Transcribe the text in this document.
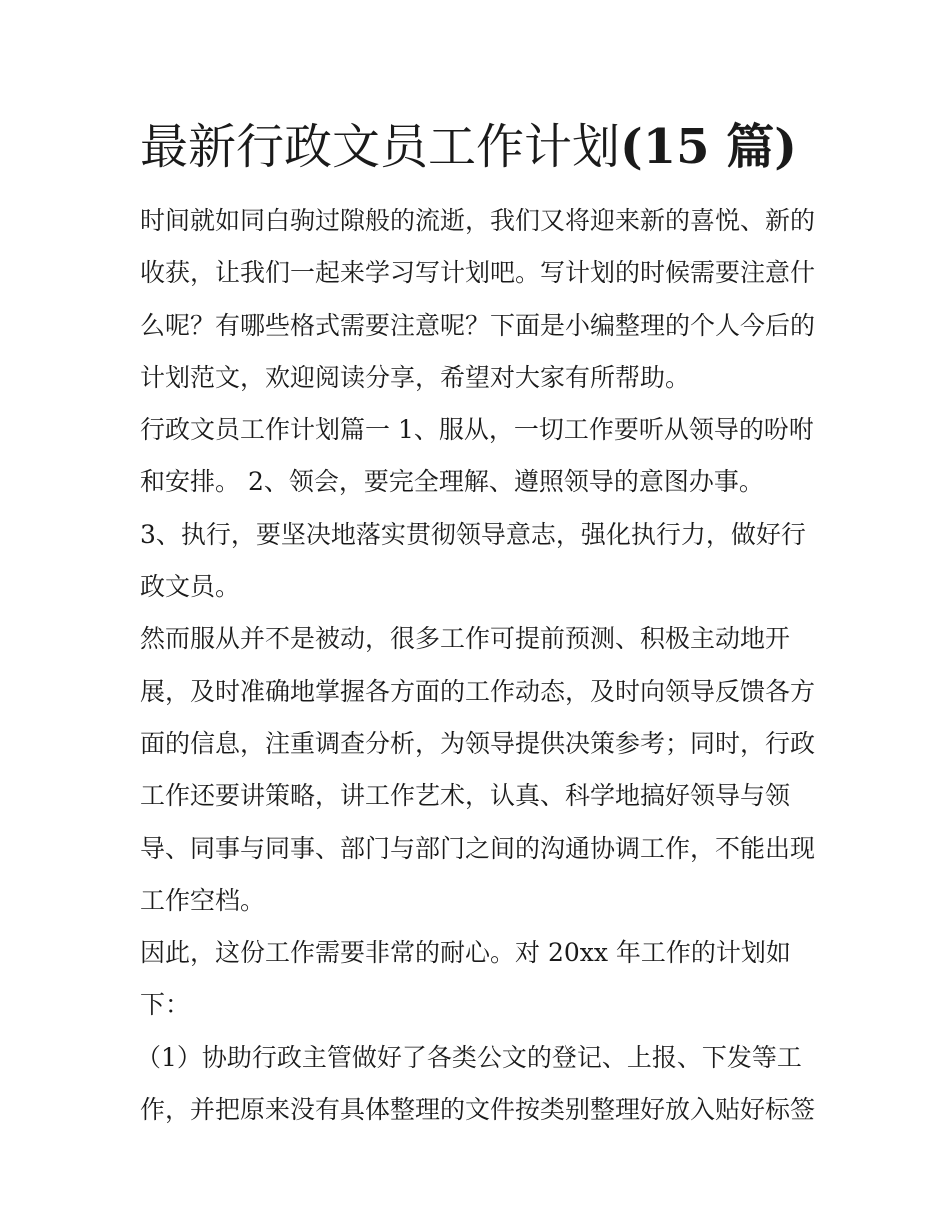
最新行政文员工作计划(15 篇)

时间就如同白驹过隙般的流逝，我们又将迎来新的喜悦、新的

收获，让我们一起来学习写计划吧。写计划的时候需要注意什

么呢？有哪些格式需要注意呢？下面是小编整理的个人今后的

计划范文，欢迎阅读分享，希望对大家有所帮助。

行政文员工作计划篇一 1、服从，一切工作要听从领导的吩咐

和安排。 2、领会，要完全理解、遵照领导的意图办事。

3、执行，要坚决地落实贯彻领导意志，强化执行力，做好行

政文员。

然而服从并不是被动，很多工作可提前预测、积极主动地开

展，及时准确地掌握各方面的工作动态，及时向领导反馈各方

面的信息，注重调查分析，为领导提供决策参考；同时，行政

工作还要讲策略，讲工作艺术，认真、科学地搞好领导与领

导、同事与同事、部门与部门之间的沟通协调工作，不能出现

工作空档。

因此，这份工作需要非常的耐心。对 20xx 年工作的计划如

下：

（1）协助行政主管做好了各类公文的登记、上报、下发等工

作，并把原来没有具体整理的文件按类别整理好放入贴好标签
